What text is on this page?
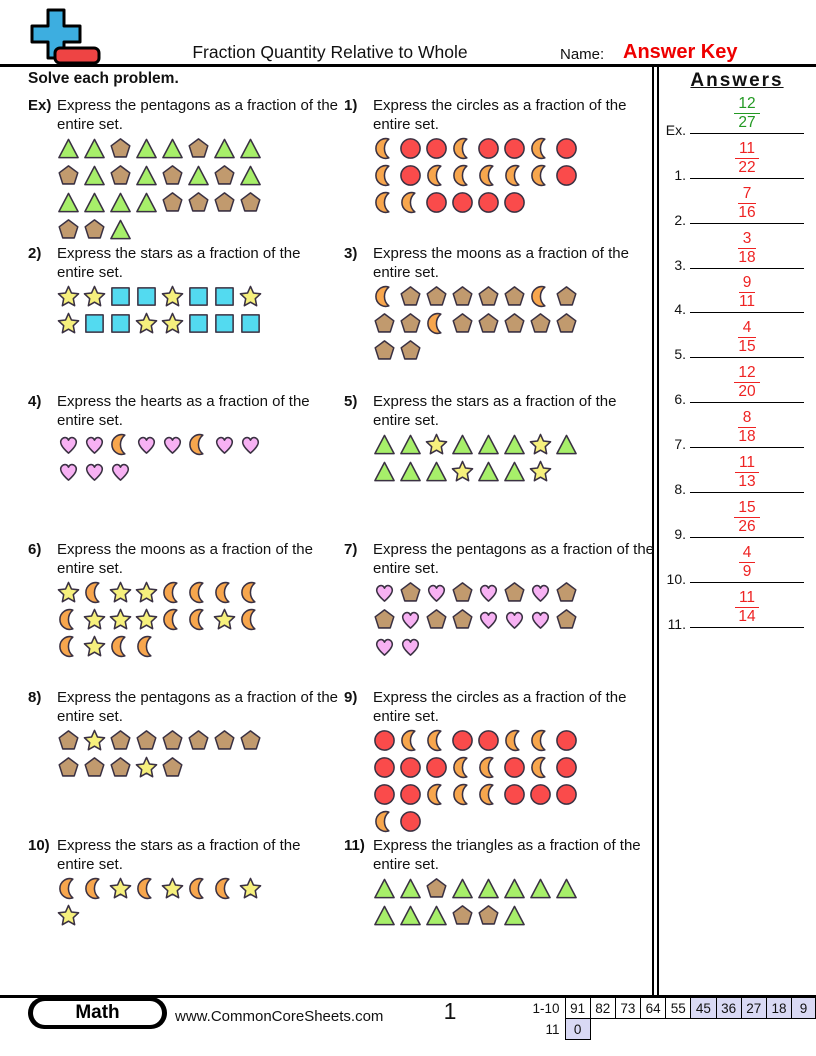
Fraction Quantity Relative to Whole	Name: Answer Key
Solve each problem.	Answers
Ex.	$\frac{12}{27}$
1.	$\frac{11}{22}$
2.	$\frac{7}{16}$
3.	$\frac{3}{18}$
4.	$\frac{9}{11}$
5.	$\frac{4}{15}$
6.	$\frac{12}{20}$
7.	$\frac{8}{18}$
8.	$\frac{11}{13}$
9.	$\frac{15}{26}$
10.	$\frac{4}{9}$
11.	$\frac{11}{14}$
Ex) Express the pentagons as a fraction of the entire set.
1)	Express the circles as a fraction of the entire set.
2)	Express the stars as a fraction of the entire set.
3)	Express the moons as a fraction of the entire set.
4)	Express the hearts as a fraction of the entire set.
5)	Express the stars as a fraction of the entire set.
6)	Express the moons as a fraction of the entire set.
7)	Express the pentagons as a fraction of the entire set.
8)	Express the pentagons as a fraction of the entire set.
9)	Express the circles as a fraction of the entire set.
10) Express the stars as a fraction of the entire set.
11) Express the triangles as a fraction of the entire set.
Math	www.CommonCoreSheets.com	1	1-10	91	82	73	64	55	45	36	27	18	9
11	0									
